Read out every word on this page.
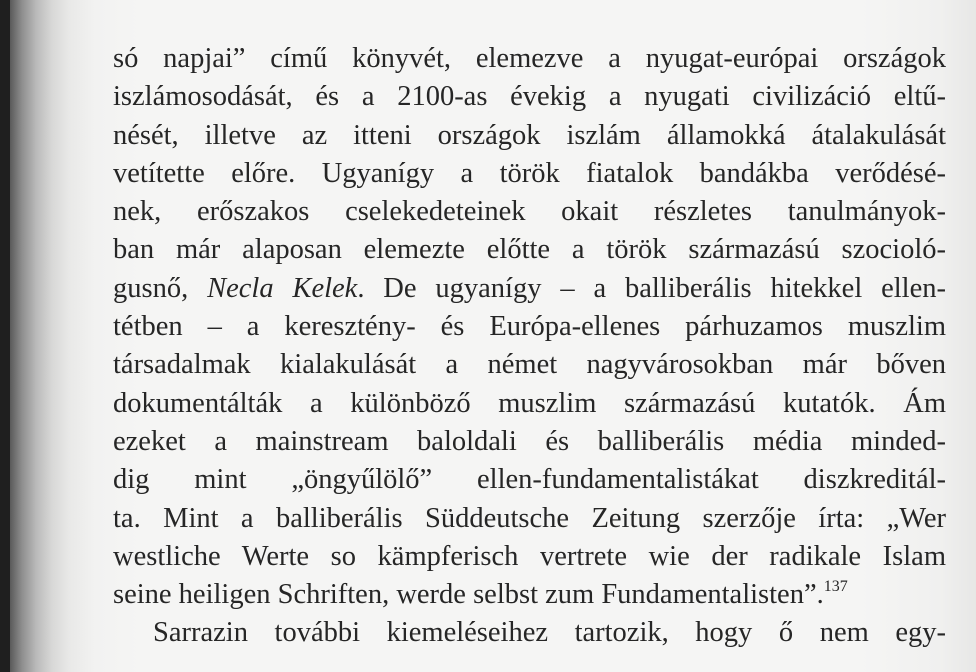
só napjai” című könyvét, elemezve a nyugat-európai országok
iszlámosodását, és a 2100-as évekig a nyugati civilizáció eltű-
nését, illetve az itteni országok iszlám államokká átalakulását
vetítette előre. Ugyanígy a török fiatalok bandákba verődésé-
nek, erőszakos cselekedeteinek okait részletes tanulmányok-
ban már alaposan elemezte előtte a török származású szocioló-
gusnő, Necla Kelek. De ugyanígy – a balliberális hitekkel ellen-
tétben – a keresztény- és Európa-ellenes párhuzamos muszlim
társadalmak kialakulását a német nagyvárosokban már bőven
dokumentálták a különböző muszlim származású kutatók. Ám
ezeket a mainstream baloldali és balliberális média minded-
dig mint „öngyűlölő” ellen-fundamentalistákat diszkreditál-
ta. Mint a balliberális Süddeutsche Zeitung szerzője írta: „Wer
westliche Werte so kämpferisch vertrete wie der radikale Islam
seine heiligen Schriften, werde selbst zum Fundamentalisten”.$^{137}$
Sarrazin további kiemeléseihez tartozik, hogy ő nem egy-
